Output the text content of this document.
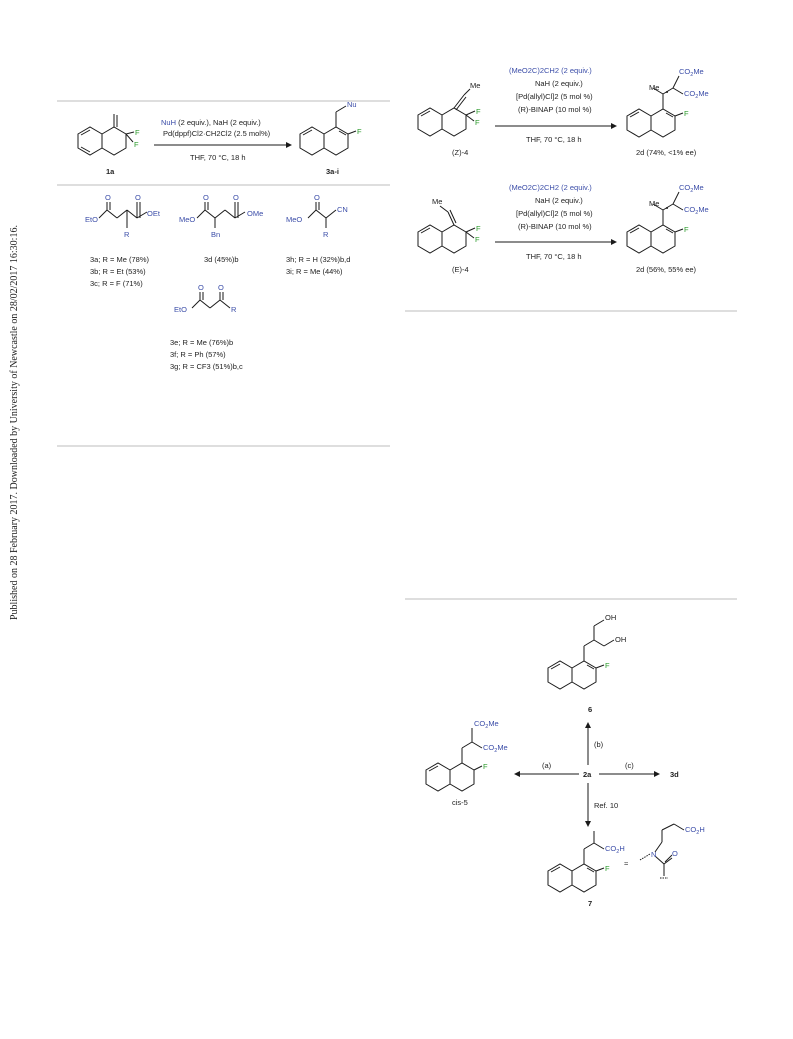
Published on 28 February 2017. Downloaded by University of Newcastle on 28/02/2017 16:30:16.
F
F
1a
NuH (2 equiv.), NaH (2 equiv.)
Pd(dppf)Cl2·CH2Cl2 (2.5 mol%)
THF, 70 °C, 18 h
F
Nu
3a-i
O	O
EtO
OEt
R
3a; R = Me (78%)
3b; R = Et (53%)
3c; R = F (71%)
O	O
MeO
OMe
Bn
3d (45%)b
O
MeO
CN
R
3h; R = H (32%)b,d
3i; R = Me (44%)
O O
EtO	R
3e; R = Me (76%)b
3f; R = Ph (57%)
3g; R = CF3 (51%)b,c
Me
F
F
(Z)-4
(MeO2C)2CH2 (2 equiv.)
NaH (2 equiv.)
[Pd(allyl)Cl]2 (5 mol %)
(R)-BINAP (10 mol %)
THF, 70 °C, 18 h
Me
$CO_2Me$
$CO_2Me$
F
2d (74%, <1% ee)
Me
F
F
(E)-4
(MeO2C)2CH2 (2 equiv.)
NaH (2 equiv.)
[Pd(allyl)Cl]2 (5 mol %)
(R)-BINAP (10 mol %)
THF, 70 °C, 18 h
Me
$CO_2Me$
$CO_2Me$
F
2d (56%, 55% ee)
OH
OH
F
6
$CO_2Me$
$CO_2Me$
F
cis-5
2a
(a)	(c)
3d
(b)
Ref. 10
$CO_2H$
F
7
≈
N O
$CO_2H$
